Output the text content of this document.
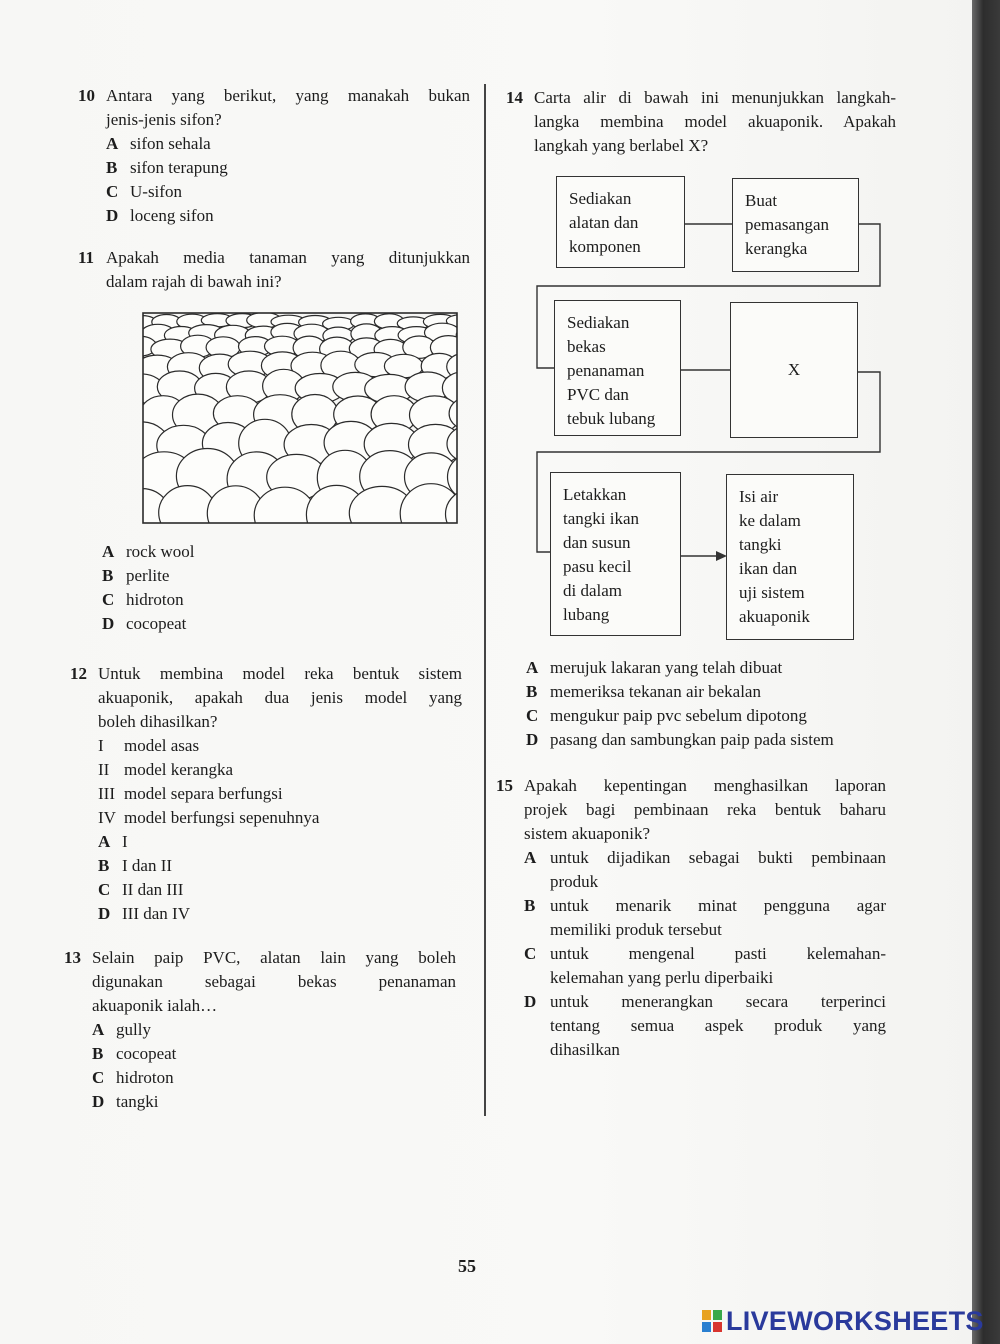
10 Antara yang berikut, yang manakah bukan
jenis-jenis sifon?
A sifon sehala
B sifon terapung
C U-sifon
D loceng sifon
11 Apakah media tanaman yang ditunjukkan
dalam rajah di bawah ini?
A rock wool
B perlite
C hidroton
D cocopeat
12 Untuk membina model reka bentuk sistem
akuaponik, apakah dua jenis model yang
boleh dihasilkan?
I model asas
II model kerangka
III model separa berfungsi
IV model berfungsi sepenuhnya
A I
B I dan II
C II dan III
D III dan IV
13 Selain paip PVC, alatan lain yang boleh
digunakan sebagai bekas penanaman
akuaponik ialah…
A gully
B cocopeat
C hidroton
D tangki
14 Carta alir di bawah ini menunjukkan langkah-
langka membina model akuaponik. Apakah
langkah yang berlabel X?
Sediakan
alatan dan
komponen
Buat
pemasangan
kerangka
Sediakan
bekas
penanaman
PVC dan
tebuk lubang
X
Letakkan
tangki ikan
dan susun
pasu kecil
di dalam
lubang
Isi air
ke dalam
tangki
ikan dan
uji sistem
akuaponik
A merujuk lakaran yang telah dibuat
B memeriksa tekanan air bekalan
C mengukur paip pvc sebelum dipotong
D pasang dan sambungkan paip pada sistem
15 Apakah kepentingan menghasilkan laporan
projek bagi pembinaan reka bentuk baharu
sistem akuaponik?
A untuk dijadikan sebagai bukti pembinaan
produk
B untuk menarik minat pengguna agar
memiliki produk tersebut
C untuk mengenal pasti kelemahan-
kelemahan yang perlu diperbaiki
D untuk menerangkan secara terperinci
tentang semua aspek produk yang
dihasilkan
55
LIVEWORKSHEETS
